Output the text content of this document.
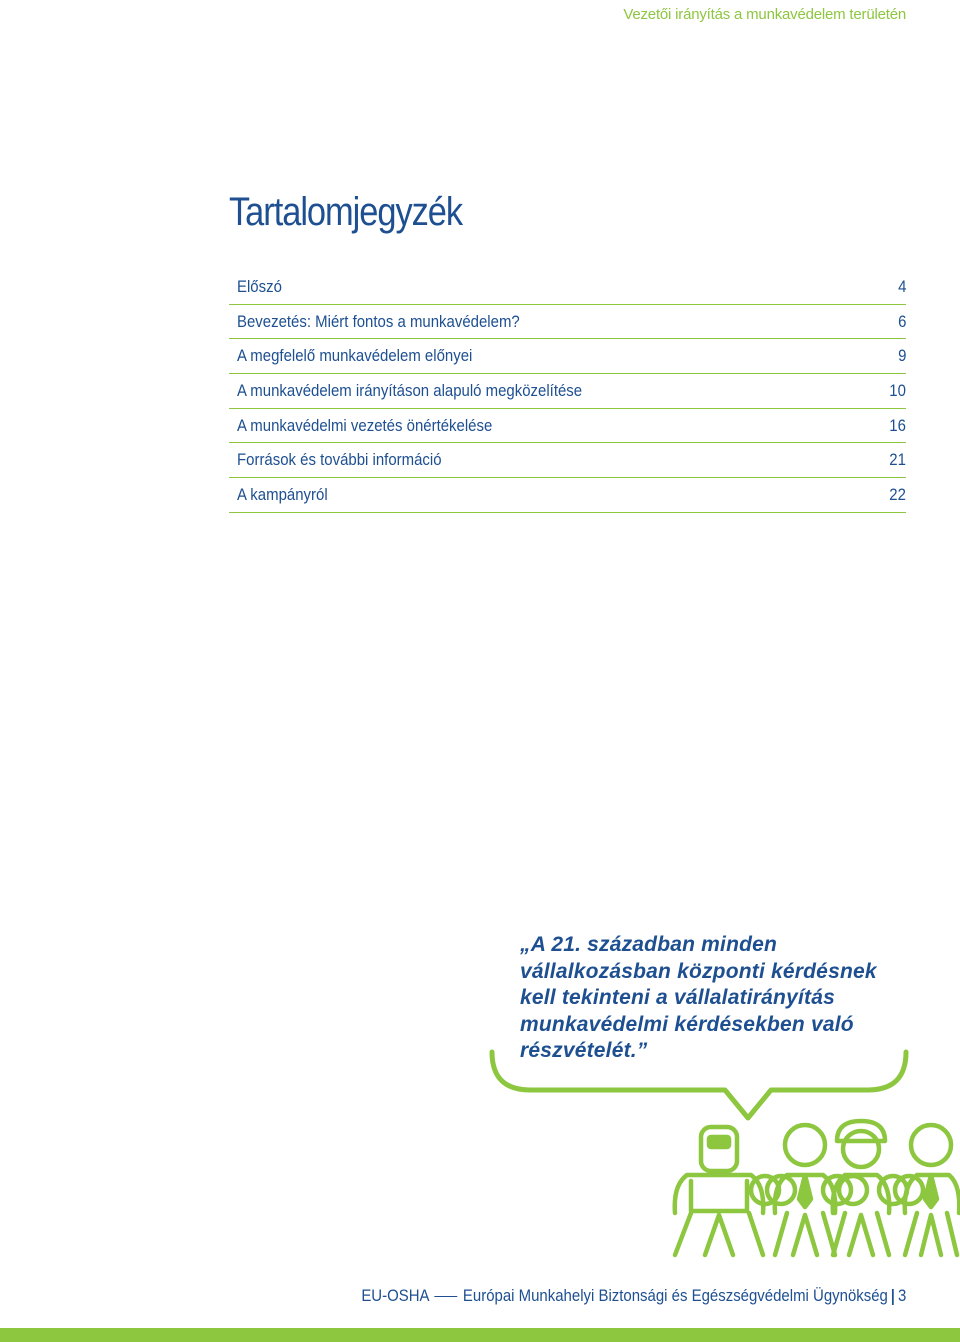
Vezetői irányítás a munkavédelem területén
Tartalomjegyzék
Előszó	4
Bevezetés: Miért fontos a munkavédelem?	6
A megfelelő munkavédelem előnyei	9
A munkavédelem irányításon alapuló megközelítése	10
A munkavédelmi vezetés önértékelése	16
Források és további információ	21
A kampányról	22
„A 21. században minden
vállalkozásban központi kérdésnek
kell tekinteni a vállalatirányítás
munkavédelmi kérdésekben való
részvételét.”
EU-OSHA Európai Munkahelyi Biztonsági és Egészségvédelmi Ügynökség 3
